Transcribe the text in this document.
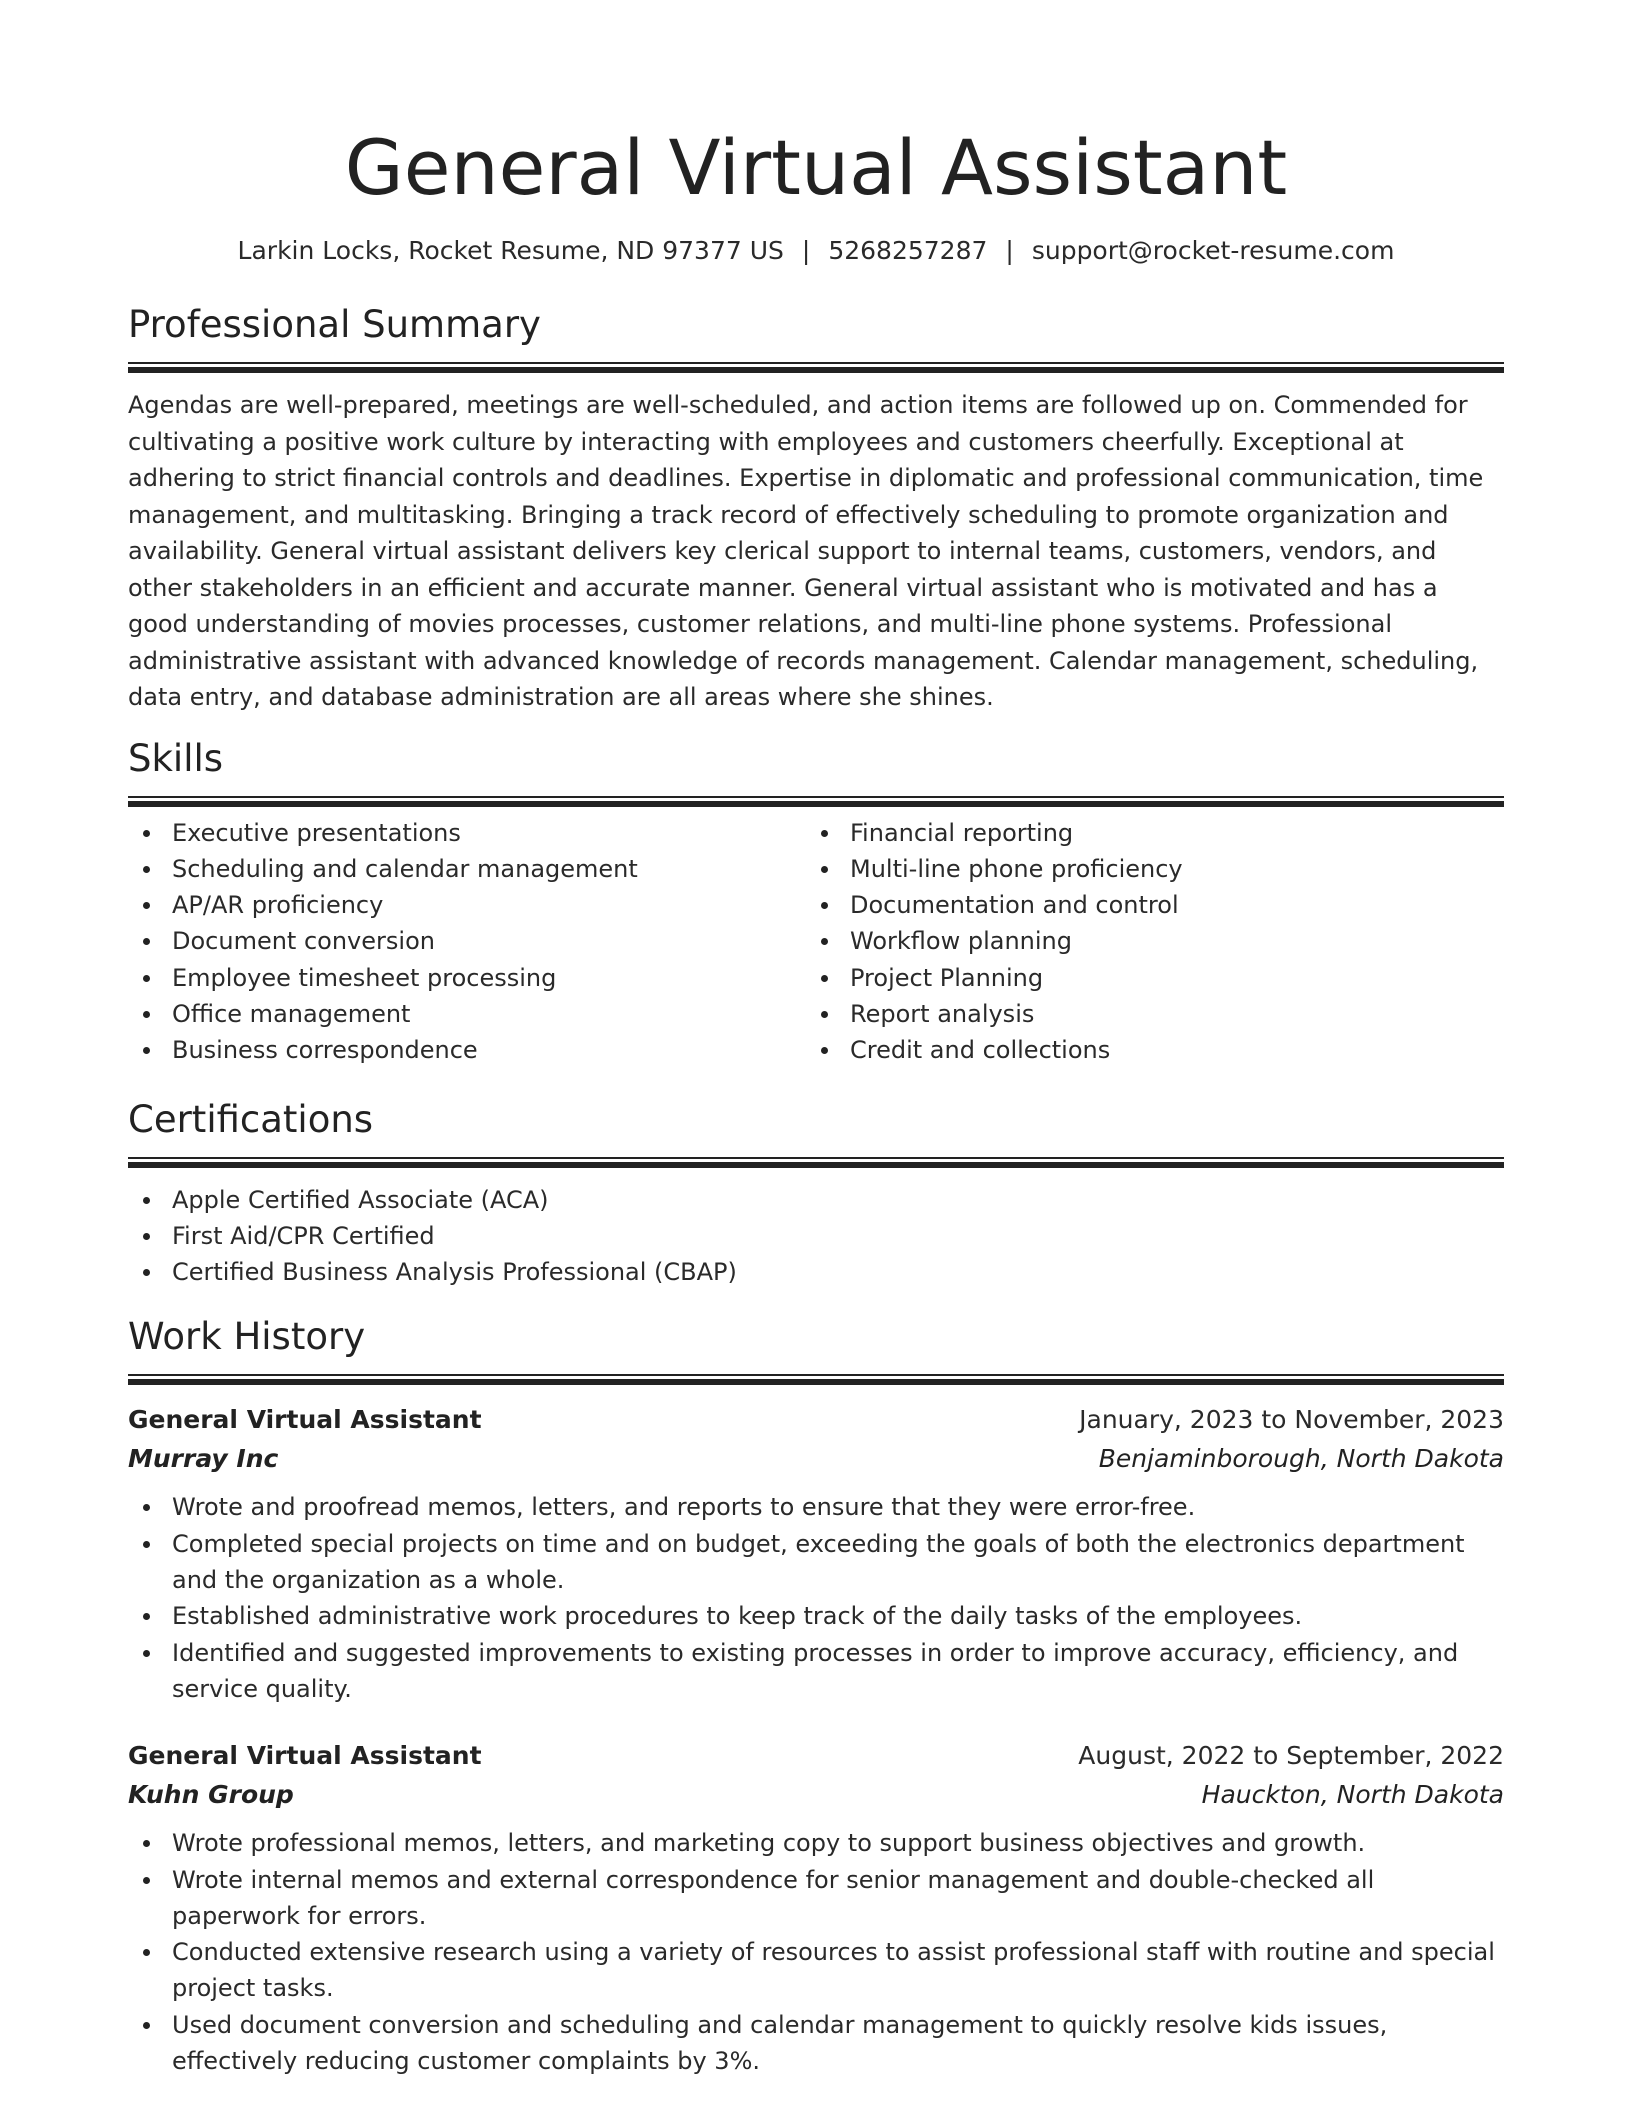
General Virtual Assistant
Larkin Locks, Rocket Resume, ND 97377 US | 5268257287 | support@rocket-resume.com
Professional Summary
Agendas are well-prepared, meetings are well-scheduled, and action items are followed up on. Commended for cultivating a positive work culture by interacting with employees and customers cheerfully. Exceptional at adhering to strict financial controls and deadlines. Expertise in diplomatic and professional communication, time management, and multitasking. Bringing a track record of effectively scheduling to promote organization and availability. General virtual assistant delivers key clerical support to internal teams, customers, vendors, and other stakeholders in an efficient and accurate manner. General virtual assistant who is motivated and has a good understanding of movies processes, customer relations, and multi-line phone systems. Professional administrative assistant with advanced knowledge of records management. Calendar management, scheduling, data entry, and database administration are all areas where she shines.
Skills
Executive presentations
Scheduling and calendar management
AP/AR proficiency
Document conversion
Employee timesheet processing
Office management
Business correspondence
Financial reporting
Multi-line phone proficiency
Documentation and control
Workflow planning
Project Planning
Report analysis
Credit and collections
Certifications
Apple Certified Associate (ACA)
First Aid/CPR Certified
Certified Business Analysis Professional (CBAP)
Work History
General Virtual Assistant	January, 2023 to November, 2023
Murray Inc	Benjaminborough, North Dakota
Wrote and proofread memos, letters, and reports to ensure that they were error-free.
Completed special projects on time and on budget, exceeding the goals of both the electronics department and the organization as a whole.
Established administrative work procedures to keep track of the daily tasks of the employees.
Identified and suggested improvements to existing processes in order to improve accuracy, efficiency, and service quality.
General Virtual Assistant	August, 2022 to September, 2022
Kuhn Group	Hauckton, North Dakota
Wrote professional memos, letters, and marketing copy to support business objectives and growth.
Wrote internal memos and external correspondence for senior management and double-checked all paperwork for errors.
Conducted extensive research using a variety of resources to assist professional staff with routine and special project tasks.
Used document conversion and scheduling and calendar management to quickly resolve kids issues, effectively reducing customer complaints by 3%.
